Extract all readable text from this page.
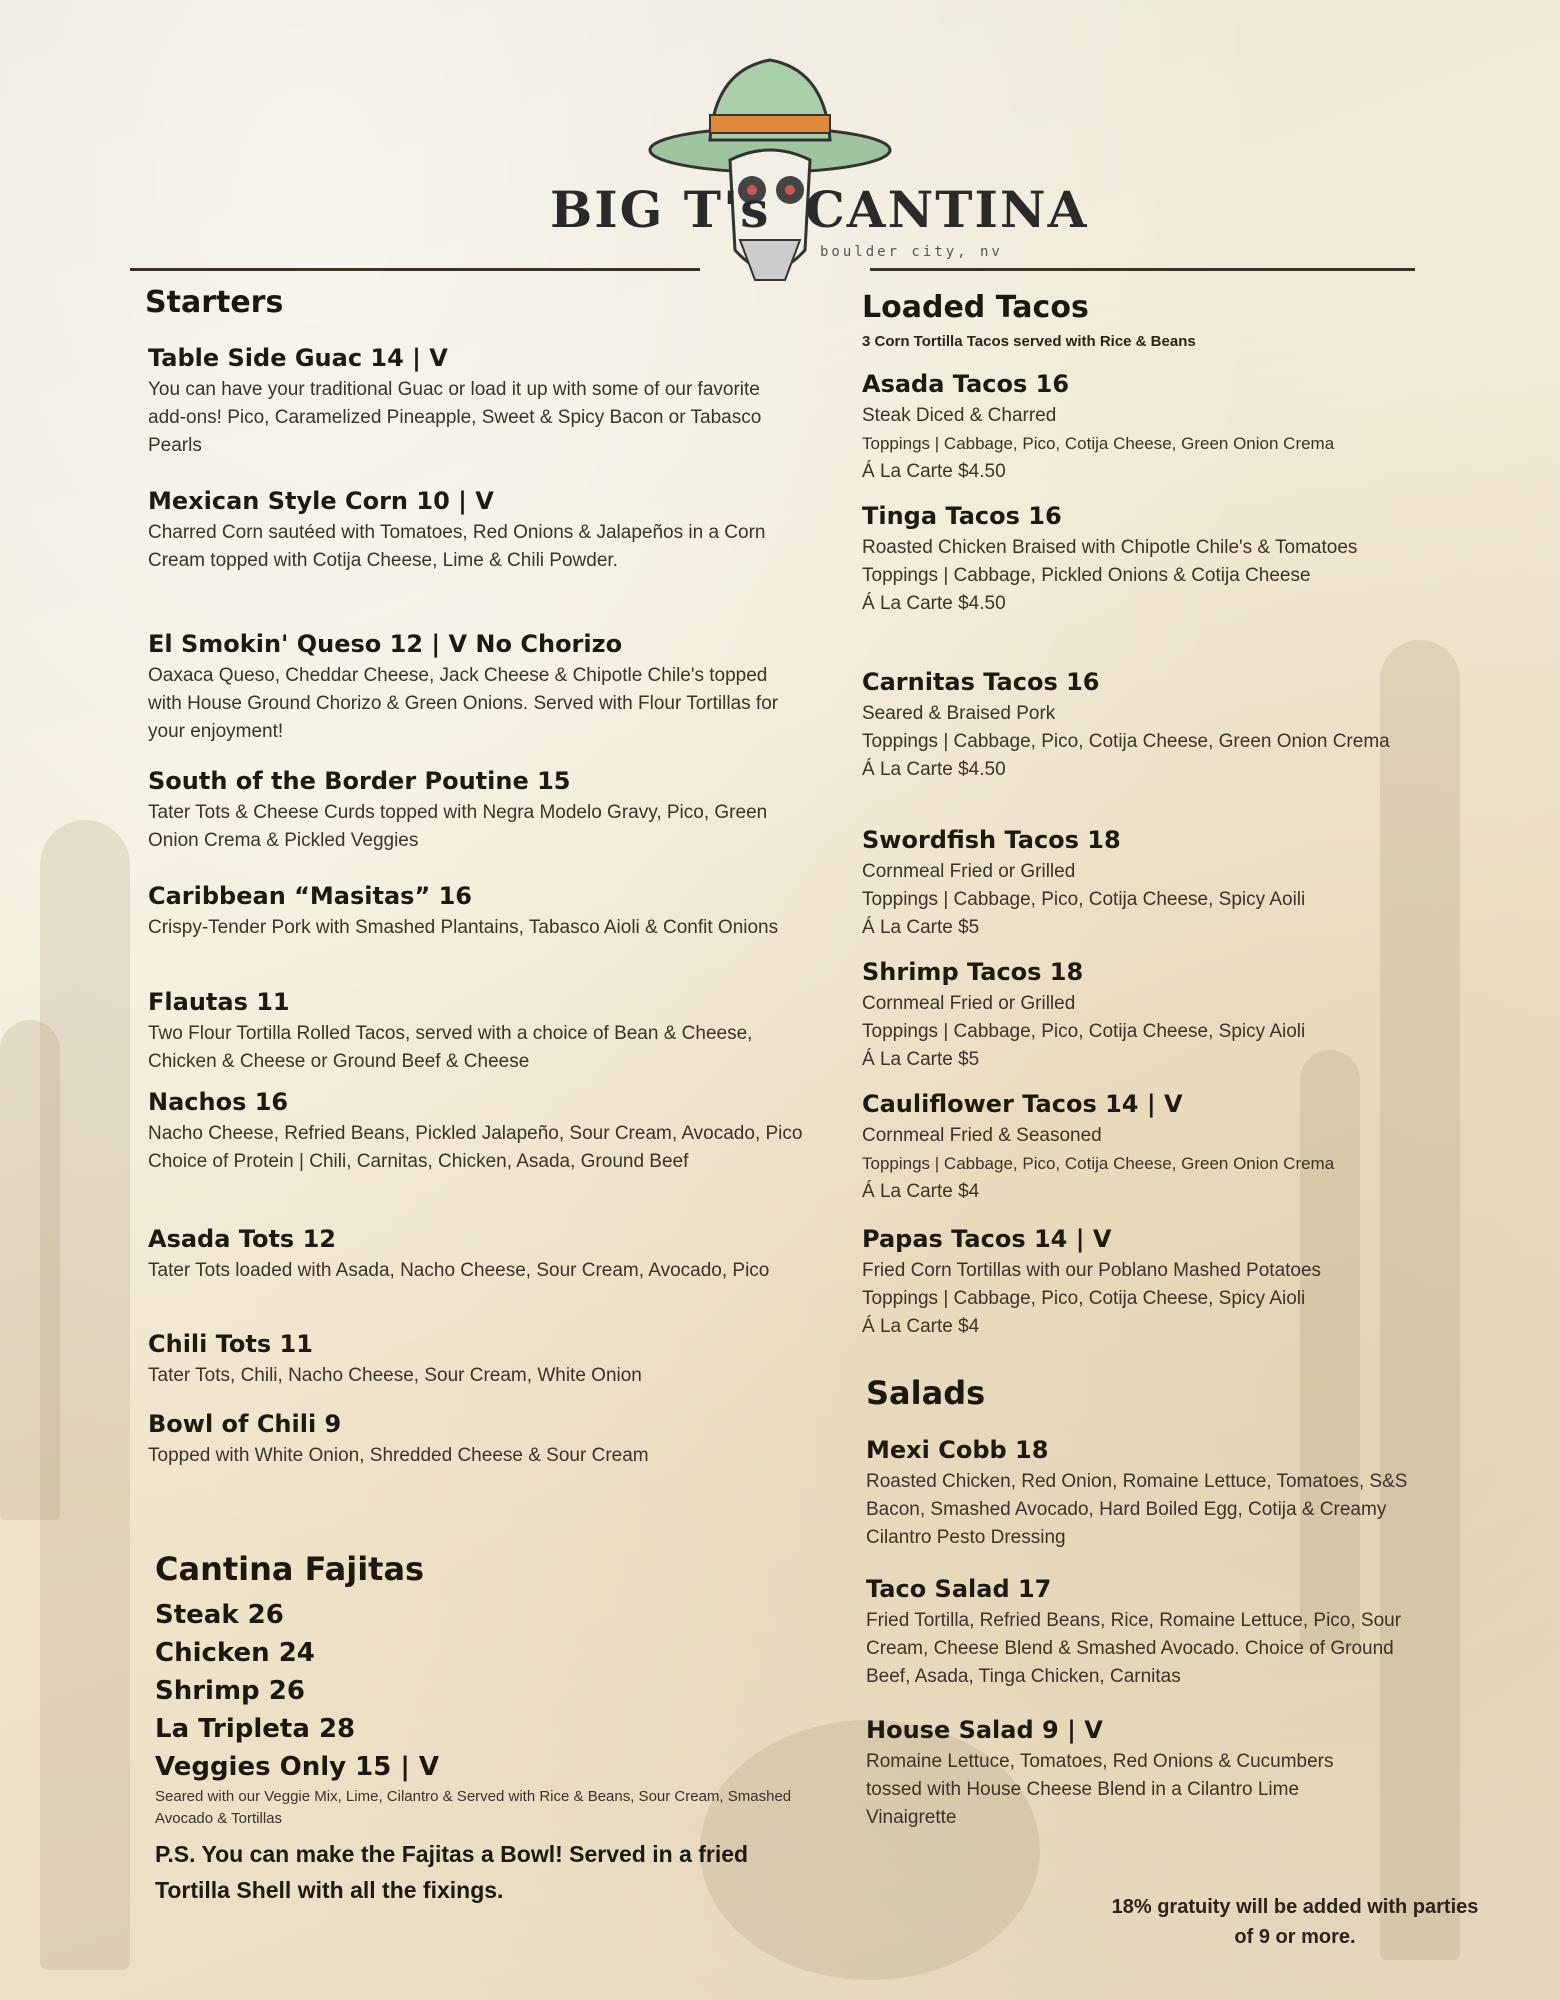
BIG T's CANTINA
boulder city, nv
Starters
Table Side Guac 14 | V
You can have your traditional Guac or load it up with some of our favorite add-ons! Pico, Caramelized Pineapple, Sweet & Spicy Bacon or Tabasco Pearls
Mexican Style Corn 10 | V
Charred Corn sautéed with Tomatoes, Red Onions & Jalapeños in a Corn Cream topped with Cotija Cheese, Lime & Chili Powder.
El Smokin' Queso 12 | V No Chorizo
Oaxaca Queso, Cheddar Cheese, Jack Cheese & Chipotle Chile's topped with House Ground Chorizo & Green Onions. Served with Flour Tortillas for your enjoyment!
South of the Border Poutine 15
Tater Tots & Cheese Curds topped with Negra Modelo Gravy, Pico, Green Onion Crema & Pickled Veggies
Caribbean “Masitas” 16
Crispy-Tender Pork with Smashed Plantains, Tabasco Aioli & Confit Onions
Flautas 11
Two Flour Tortilla Rolled Tacos, served with a choice of Bean & Cheese, Chicken & Cheese or Ground Beef & Cheese
Nachos 16
Nacho Cheese, Refried Beans, Pickled Jalapeño, Sour Cream, Avocado, Pico
Choice of Protein | Chili, Carnitas, Chicken, Asada, Ground Beef
Asada Tots 12
Tater Tots loaded with Asada, Nacho Cheese, Sour Cream, Avocado, Pico
Chili Tots 11
Tater Tots, Chili, Nacho Cheese, Sour Cream, White Onion
Bowl of Chili 9
Topped with White Onion, Shredded Cheese & Sour Cream
Cantina Fajitas
Steak 26
Chicken 24
Shrimp 26
La Tripleta 28
Veggies Only 15 | V
Seared with our Veggie Mix, Lime, Cilantro & Served with Rice & Beans, Sour Cream, Smashed Avocado & Tortillas
P.S. You can make the Fajitas a Bowl! Served in a fried Tortilla Shell with all the fixings.
Loaded Tacos
3 Corn Tortilla Tacos served with Rice & Beans
Asada Tacos 16
Steak Diced & Charred
Toppings | Cabbage, Pico, Cotija Cheese, Green Onion Crema
Á La Carte $4.50
Tinga Tacos 16
Roasted Chicken Braised with Chipotle Chile's & Tomatoes
Toppings | Cabbage, Pickled Onions & Cotija Cheese
Á La Carte $4.50
Carnitas Tacos 16
Seared & Braised Pork
Toppings | Cabbage, Pico, Cotija Cheese, Green Onion Crema
Á La Carte $4.50
Swordfish Tacos 18
Cornmeal Fried or Grilled
Toppings | Cabbage, Pico, Cotija Cheese, Spicy Aoili
Á La Carte $5
Shrimp Tacos 18
Cornmeal Fried or Grilled
Toppings | Cabbage, Pico, Cotija Cheese, Spicy Aioli
Á La Carte $5
Cauliflower Tacos 14 | V
Cornmeal Fried & Seasoned
Toppings | Cabbage, Pico, Cotija Cheese, Green Onion Crema
Á La Carte $4
Papas Tacos 14 | V
Fried Corn Tortillas with our Poblano Mashed Potatoes
Toppings | Cabbage, Pico, Cotija Cheese, Spicy Aioli
Á La Carte $4
Salads
Mexi Cobb 18
Roasted Chicken, Red Onion, Romaine Lettuce, Tomatoes, S&S Bacon, Smashed Avocado, Hard Boiled Egg, Cotija & Creamy Cilantro Pesto Dressing
Taco Salad 17
Fried Tortilla, Refried Beans, Rice, Romaine Lettuce, Pico, Sour Cream, Cheese Blend & Smashed Avocado. Choice of Ground Beef, Asada, Tinga Chicken, Carnitas
House Salad 9 | V
Romaine Lettuce, Tomatoes, Red Onions & Cucumbers tossed with House Cheese Blend in a Cilantro Lime Vinaigrette
18% gratuity will be added with parties of 9 or more.
